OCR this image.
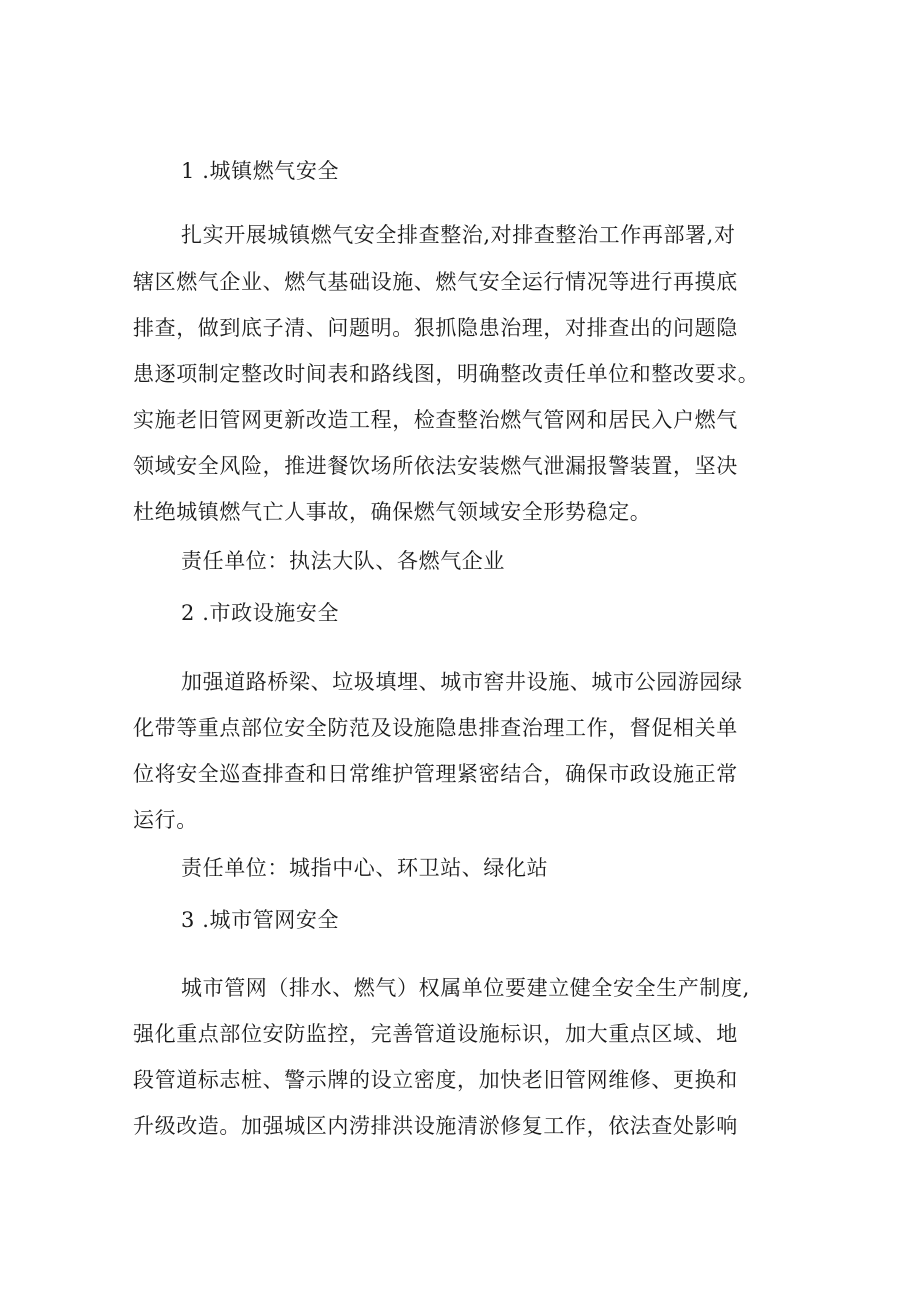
1 .城镇燃气安全
扎实开展城镇燃气安全排查整治,对排查整治工作再部署,对
辖区燃气企业、燃气基础设施、燃气安全运行情况等进行再摸底
排查，做到底子清、问题明。狠抓隐患治理，对排查出的问题隐
患逐项制定整改时间表和路线图，明确整改责任单位和整改要求。
实施老旧管网更新改造工程，检查整治燃气管网和居民入户燃气
领域安全风险，推进餐饮场所依法安装燃气泄漏报警装置，坚决
杜绝城镇燃气亡人事故，确保燃气领域安全形势稳定。
责任单位：执法大队、各燃气企业
2 .市政设施安全
加强道路桥梁、垃圾填埋、城市窖井设施、城市公园游园绿
化带等重点部位安全防范及设施隐患排查治理工作，督促相关单
位将安全巡查排查和日常维护管理紧密结合，确保市政设施正常
运行。
责任单位：城指中心、环卫站、绿化站
3 .城市管网安全
城市管网（排水、燃气）权属单位要建立健全安全生产制度,
强化重点部位安防监控，完善管道设施标识，加大重点区域、地
段管道标志桩、警示牌的设立密度，加快老旧管网维修、更换和
升级改造。加强城区内涝排洪设施清淤修复工作，依法查处影响
